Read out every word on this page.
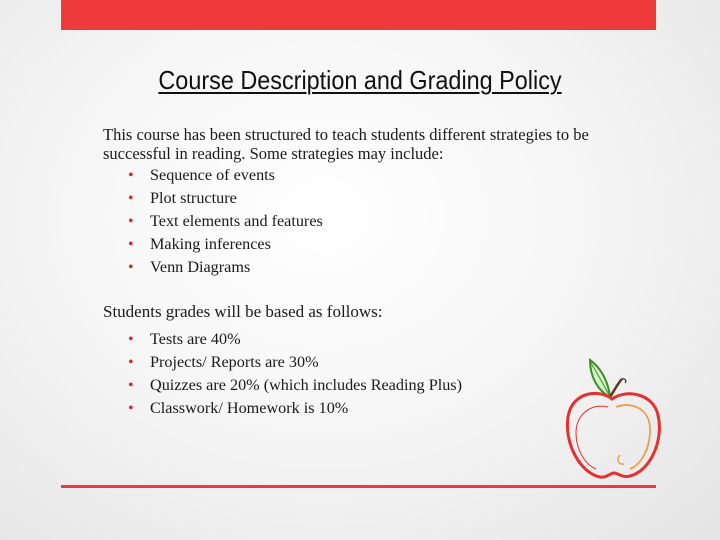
Course Description and Grading Policy

This course has been structured to teach students different strategies to be successful in reading. Some strategies may include:

• Sequence of events
• Plot structure
• Text elements and features
• Making inferences
• Venn Diagrams

Students grades will be based as follows:

• Tests are 40%
• Projects/ Reports are 30%
• Quizzes are 20% (which includes Reading Plus)
• Classwork/ Homework is 10%
